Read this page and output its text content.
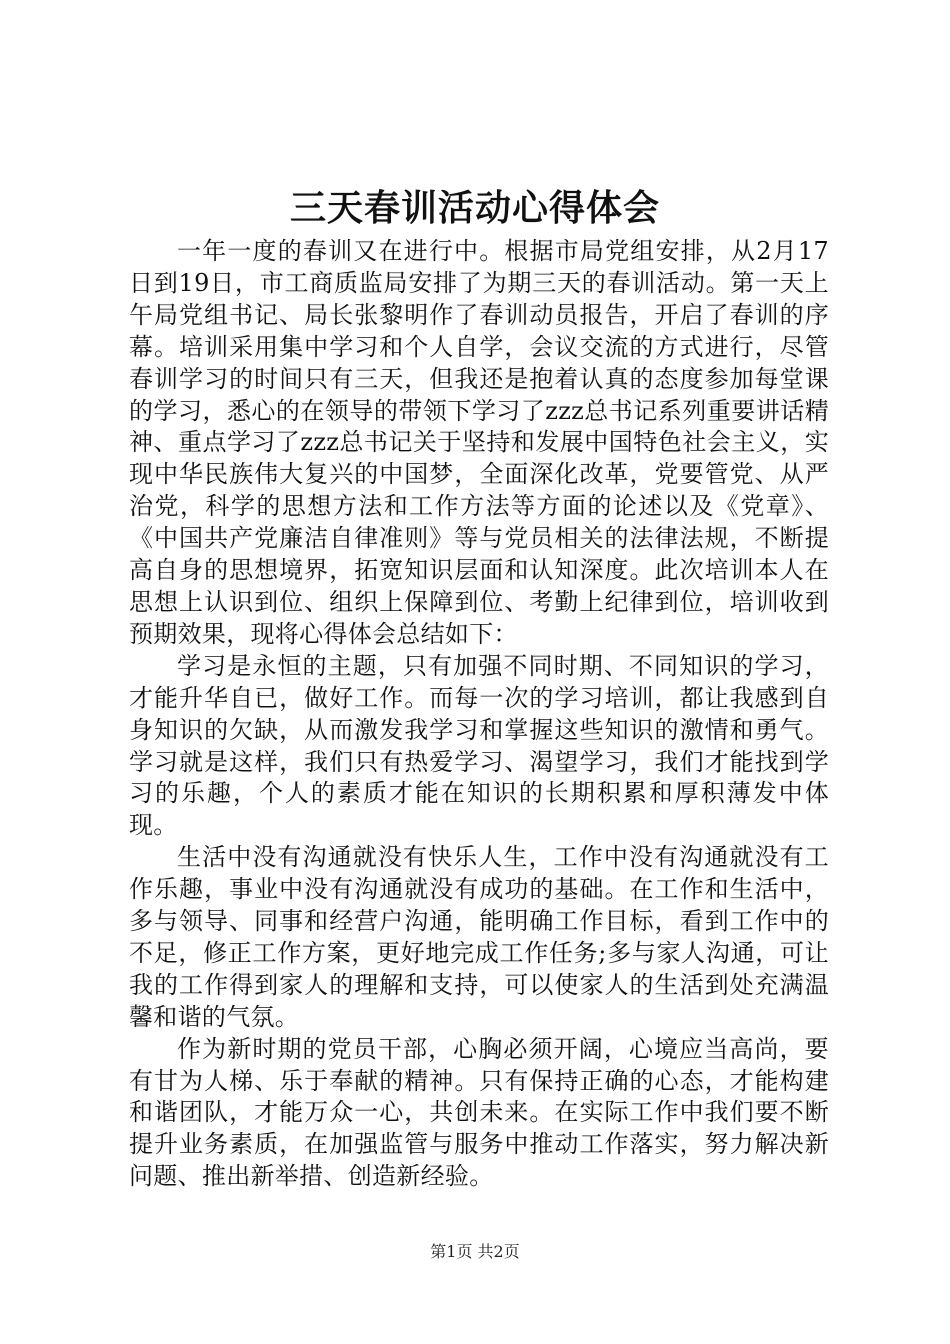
三天春训活动心得体会

一年一度的春训又在进行中。根据市局党组安排，从2月17日到19日，市工商质监局安排了为期三天的春训活动。第一天上午局党组书记、局长张黎明作了春训动员报告，开启了春训的序幕。培训采用集中学习和个人自学，会议交流的方式进行，尽管春训学习的时间只有三天，但我还是抱着认真的态度参加每堂课的学习，悉心的在领导的带领下学习了zzz总书记系列重要讲话精神、重点学习了zzz总书记关于坚持和发展中国特色社会主义，实现中华民族伟大复兴的中国梦，全面深化改革，党要管党、从严治党，科学的思想方法和工作方法等方面的论述以及《党章》、《中国共产党廉洁自律准则》等与党员相关的法律法规，不断提高自身的思想境界，拓宽知识层面和认知深度。此次培训本人在思想上认识到位、组织上保障到位、考勤上纪律到位，培训收到预期效果，现将心得体会总结如下：

学习是永恒的主题，只有加强不同时期、不同知识的学习，才能升华自已，做好工作。而每一次的学习培训，都让我感到自身知识的欠缺，从而激发我学习和掌握这些知识的激情和勇气。学习就是这样，我们只有热爱学习、渴望学习，我们才能找到学习的乐趣，个人的素质才能在知识的长期积累和厚积薄发中体现。

生活中没有沟通就没有快乐人生，工作中没有沟通就没有工作乐趣，事业中没有沟通就没有成功的基础。在工作和生活中，多与领导、同事和经营户沟通，能明确工作目标，看到工作中的不足，修正工作方案，更好地完成工作任务;多与家人沟通，可让我的工作得到家人的理解和支持，可以使家人的生活到处充满温馨和谐的气氛。

作为新时期的党员干部，心胸必须开阔，心境应当高尚，要有甘为人梯、乐于奉献的精神。只有保持正确的心态，才能构建和谐团队，才能万众一心，共创未来。在实际工作中我们要不断提升业务素质，在加强监管与服务中推动工作落实，努力解决新问题、推出新举措、创造新经验。

第1页 共2页
